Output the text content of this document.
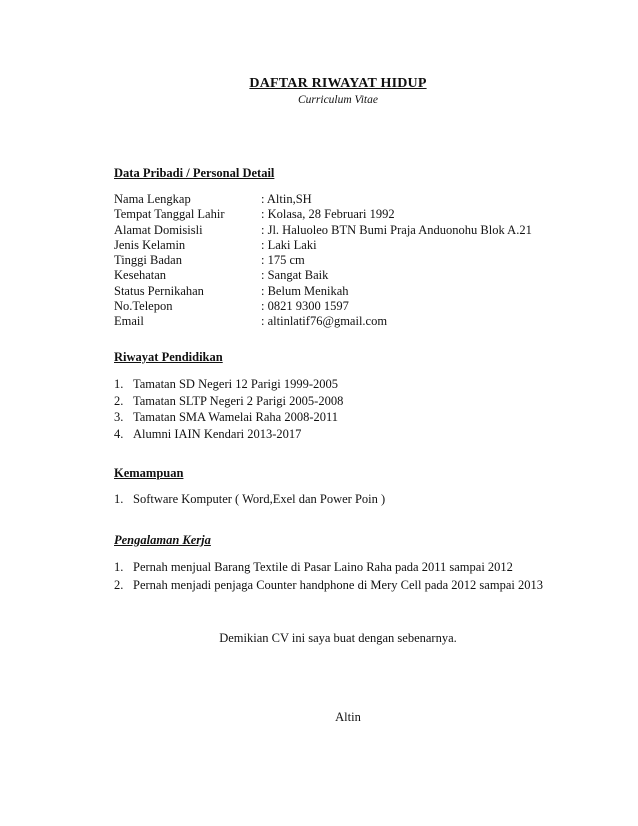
DAFTAR RIWAYAT HIDUP
Curriculum Vitae
Data Pribadi / Personal Detail
Nama Lengkap	: Altin,SH
Tempat Tanggal Lahir	: Kolasa, 28 Februari 1992
Alamat Domisisli	: Jl. Haluoleo BTN Bumi Praja Anduonohu Blok A.21
Jenis Kelamin	: Laki Laki
Tinggi Badan	: 175 cm
Kesehatan	: Sangat Baik
Status Pernikahan	: Belum Menikah
No.Telepon	: 0821 9300 1597
Email	: altinlatif76@gmail.com
Riwayat Pendidikan
1. Tamatan SD Negeri 12 Parigi 1999-2005
2. Tamatan SLTP Negeri 2 Parigi 2005-2008
3. Tamatan SMA Wamelai Raha 2008-2011
4. Alumni IAIN Kendari 2013-2017
Kemampuan
1. Software Komputer ( Word,Exel dan Power Poin )
Pengalaman Kerja
1. Pernah menjual Barang Textile di Pasar Laino Raha pada 2011 sampai 2012
2. Pernah menjadi penjaga Counter handphone di Mery Cell pada 2012 sampai 2013
Demikian CV ini saya buat dengan sebenarnya.
Altin
